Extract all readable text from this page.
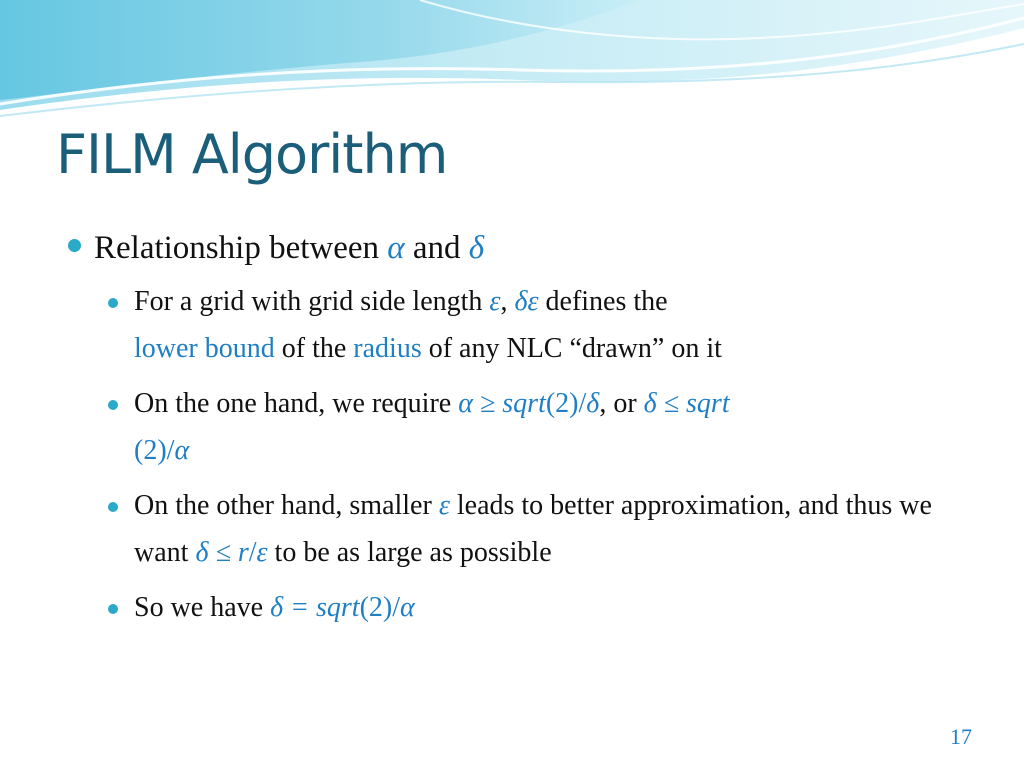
FILM Algorithm
Relationship between α and δ
For a grid with grid side length ε, δε defines the
lower bound of the radius of any NLC “drawn” on it
On the one hand, we require α ≥ sqrt(2)/δ, or δ ≤ sqrt
(2)/α
On the other hand, smaller ε leads to better approximation, and thus we want δ ≤ r/ε to be as large as possible
So we have δ = sqrt(2)/α
17
